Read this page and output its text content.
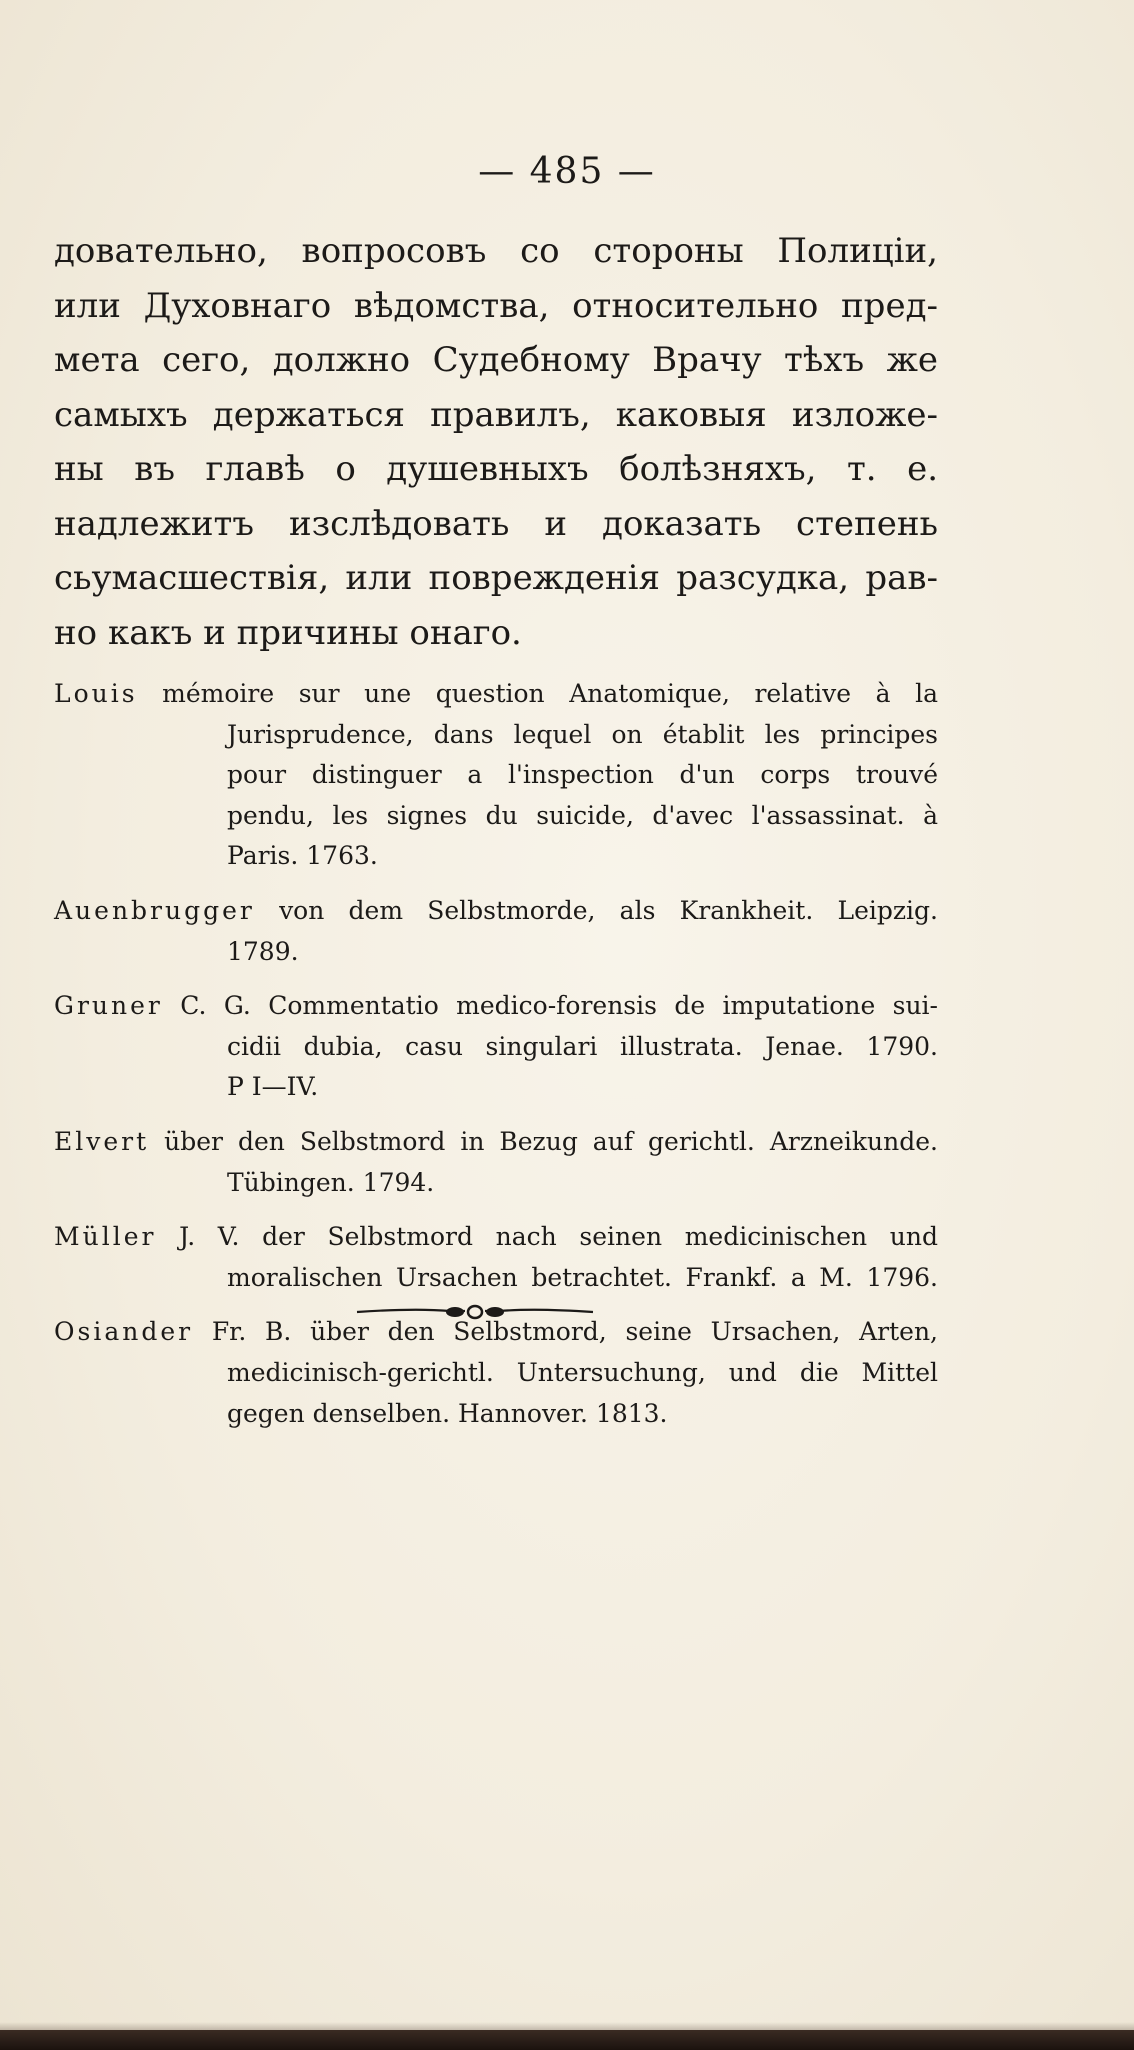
— 485 —
довательно, вопросовъ со стороны Полиціи,
или Духовнаго вѣдомства, относительно пред-
мета сего, должно Судебному Врачу тѣхъ же
самыхъ держаться правилъ, каковыя изложе-
ны въ главѣ о душевныхъ болѣзняхъ, т. е.
надлежитъ изслѣдовать и доказать степень
сьумасшествія, или поврежденія разсудка, рав-
но какъ и причины онаго.
Louis mémoire sur une question Anatomique, relative à la
Jurisprudence, dans lequel on établit les principes
pour distinguer a l'inspection d'un corps trouvé
pendu, les signes du suicide, d'avec l'assassinat. à
Paris. 1763.
Auenbrugger von dem Selbstmorde, als Krankheit. Leipzig.
1789.
Gruner C. G. Commentatio medico-forensis de imputatione sui-
cidii dubia, casu singulari illustrata. Jenae. 1790.
P I—IV.
Elvert über den Selbstmord in Bezug auf gerichtl. Arzneikunde.
Tübingen. 1794.
Müller J. V. der Selbstmord nach seinen medicinischen und
moralischen Ursachen betrachtet. Frankf. a M. 1796.
Osiander Fr. B. über den Selbstmord, seine Ursachen, Arten,
medicinisch-gerichtl. Untersuchung, und die Mittel
gegen denselben. Hannover. 1813.
